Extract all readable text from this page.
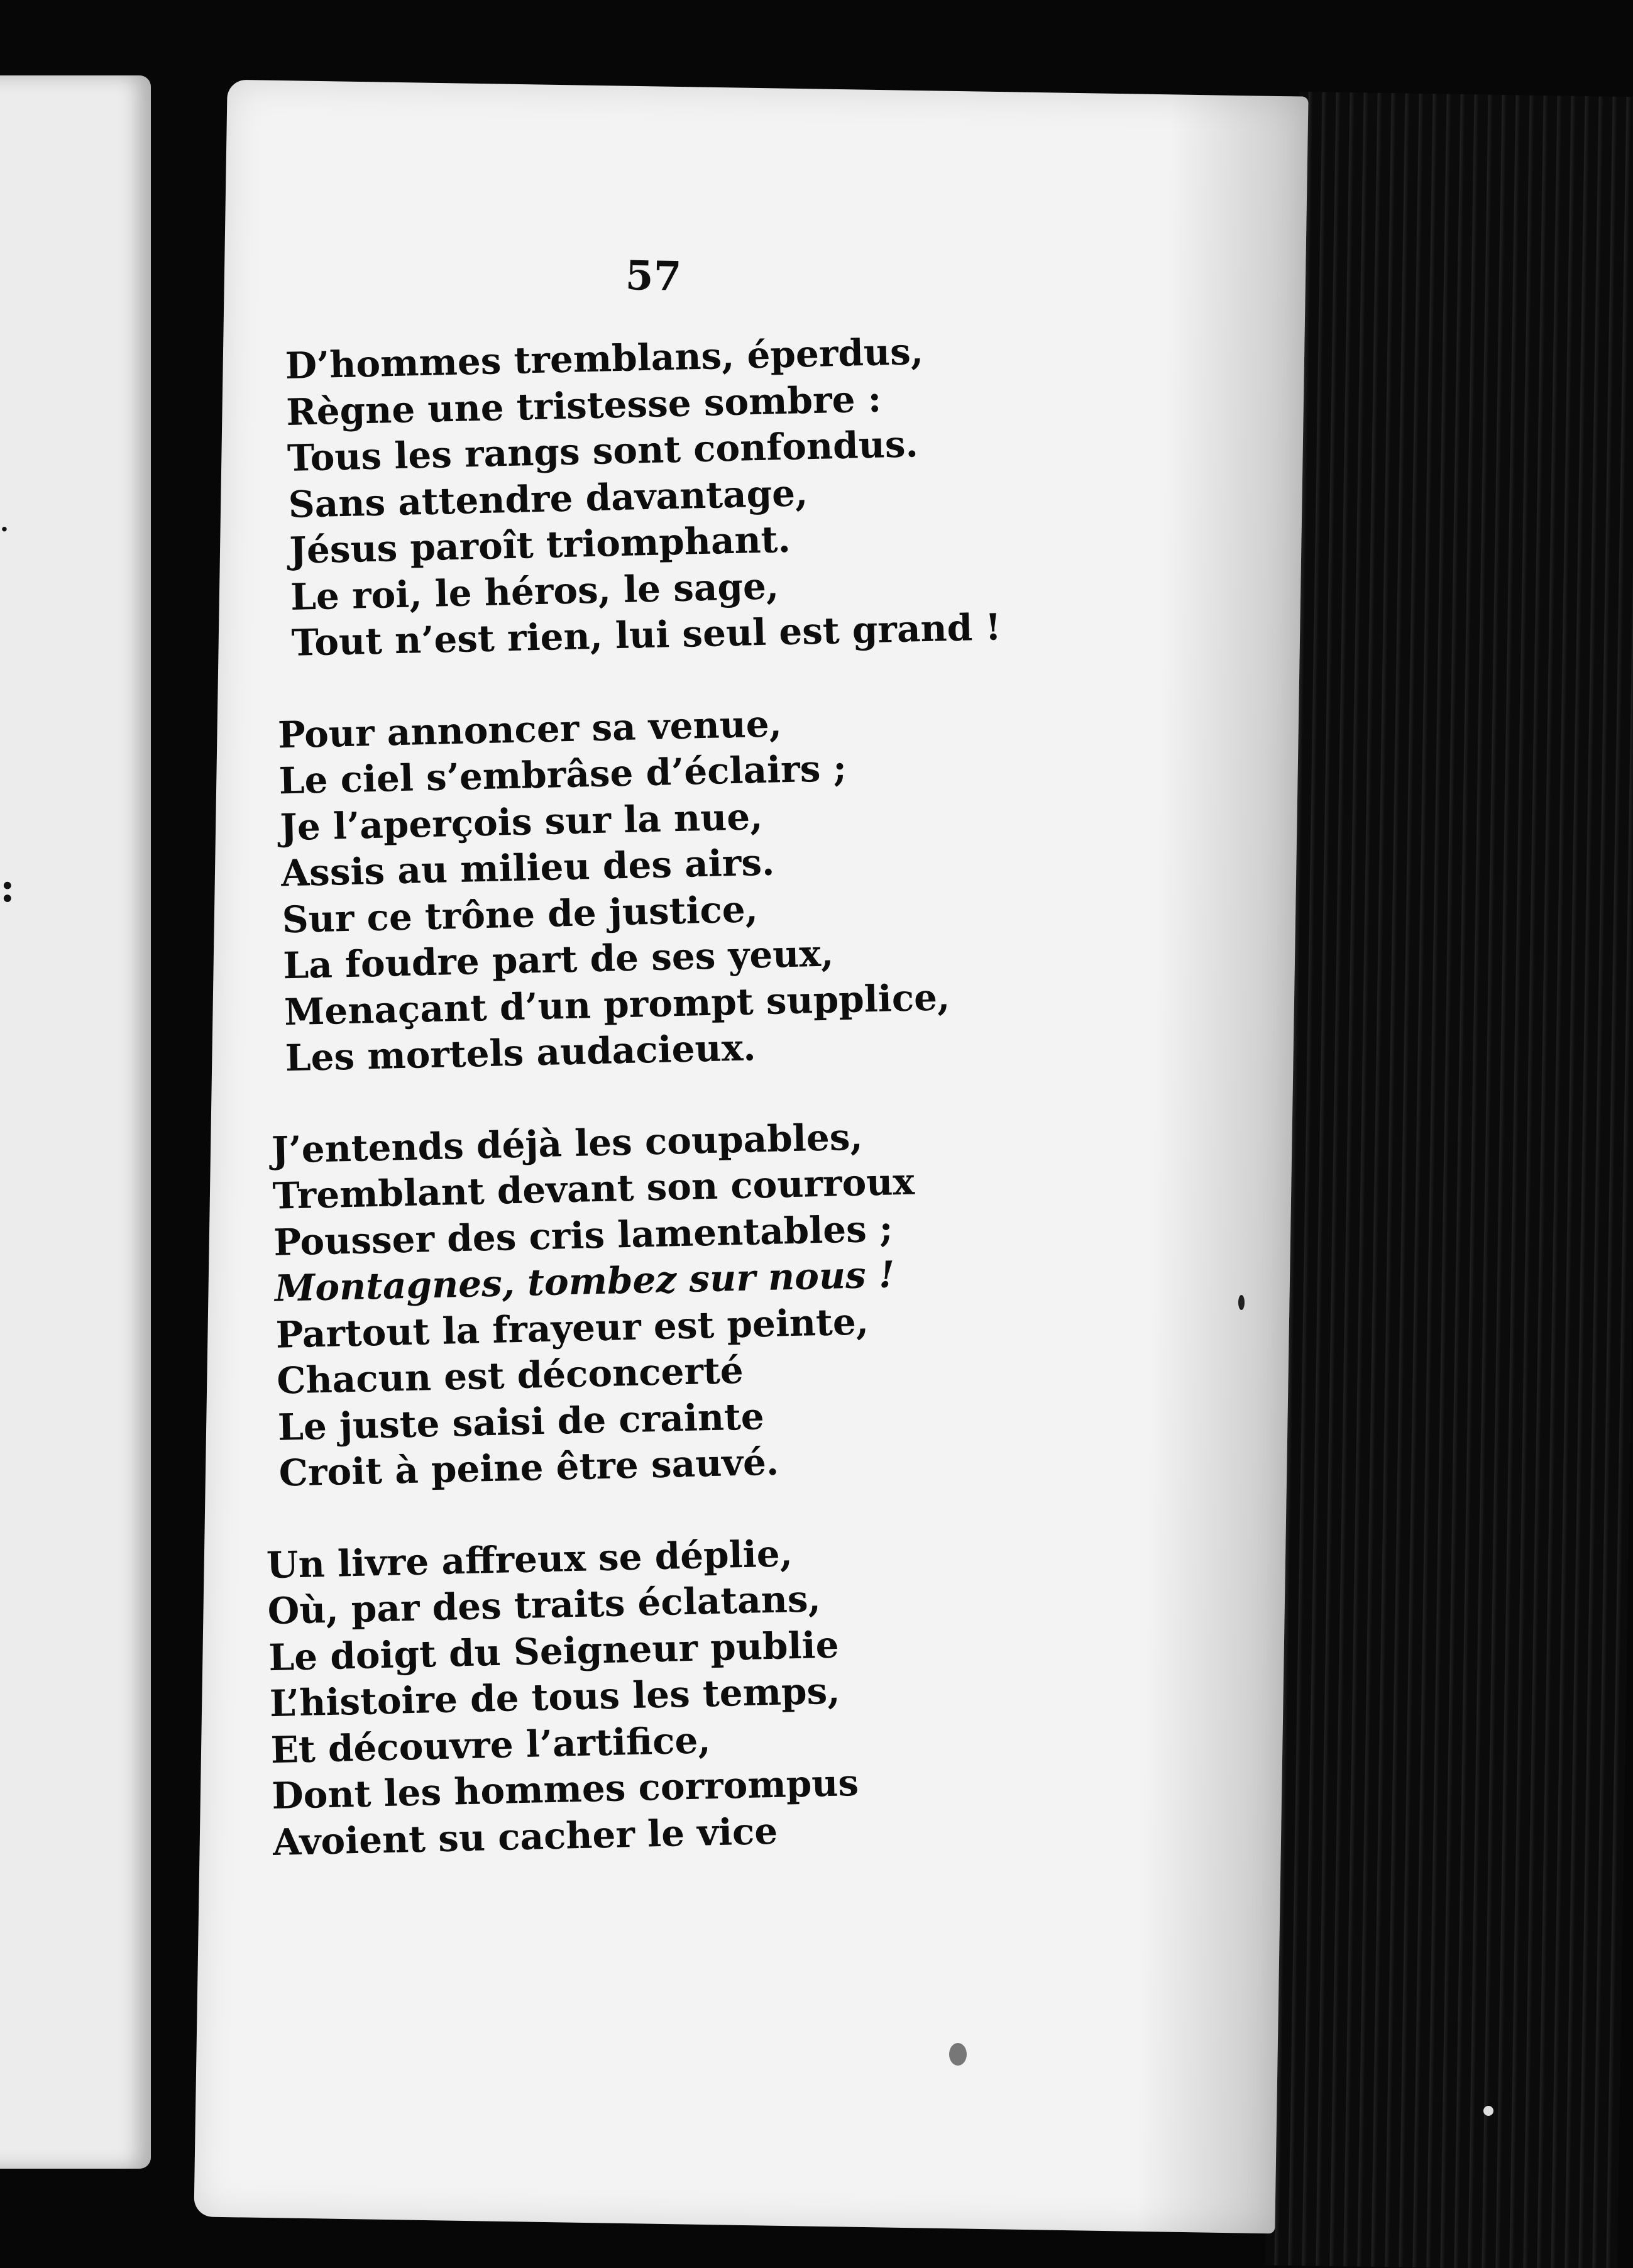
.
:
57
D’hommes tremblans, éperdus,
Règne une tristesse sombre :
Tous les rangs sont confondus.
Sans attendre davantage,
Jésus paroît triomphant.
Le roi, le héros, le sage,
Tout n’est rien, lui seul est grand !
Pour annoncer sa venue,
Le ciel s’embrâse d’éclairs ;
Je l’aperçois sur la nue,
Assis au milieu des airs.
Sur ce trône de justice,
La foudre part de ses yeux,
Menaçant d’un prompt supplice,
Les mortels audacieux.
J’entends déjà les coupables,
Tremblant devant son courroux
Pousser des cris lamentables ;
Montagnes, tombez sur nous !
Partout la frayeur est peinte,
Chacun est déconcerté
Le juste saisi de crainte
Croit à peine être sauvé.
Un livre affreux se déplie,
Où, par des traits éclatans,
Le doigt du Seigneur publie
L’histoire de tous les temps,
Et découvre l’artifice,
Dont les hommes corrompus
Avoient su cacher le vice
